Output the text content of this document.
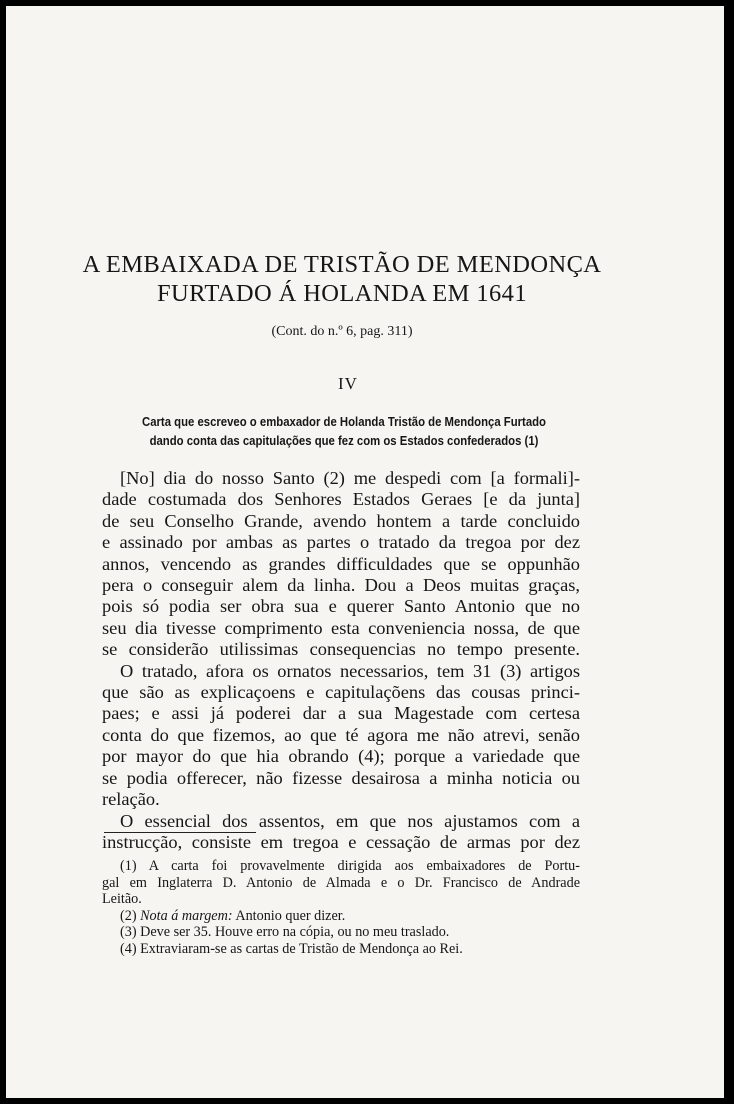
A EMBAIXADA DE TRISTÃO DE MENDONÇA
FURTADO Á HOLANDA EM 1641
(Cont. do n.º 6, pag. 311)
IV
Carta que escreveo o embaxador de Holanda Tristão de Mendonça Furtado
dando conta das capitulações que fez com os Estados confederados (1)
[No] dia do nosso Santo (2) me despedi com [a formali]-
dade costumada dos Senhores Estados Geraes [e da junta]
de seu Conselho Grande, avendo hontem a tarde concluido
e assinado por ambas as partes o tratado da tregoa por dez
annos, vencendo as grandes difficuldades que se oppunhão
pera o conseguir alem da linha. Dou a Deos muitas graças,
pois só podia ser obra sua e querer Santo Antonio que no
seu dia tivesse comprimento esta conveniencia nossa, de que
se considerão utilissimas consequencias no tempo presente.
O tratado, afora os ornatos necessarios, tem 31 (3) artigos
que são as explicaçoens e capitulaçõens das cousas princi-
paes; e assi já poderei dar a sua Magestade com certesa
conta do que fizemos, ao que té agora me não atrevi, senão
por mayor do que hia obrando (4); porque a variedade que
se podia offerecer, não fizesse desairosa a minha noticia ou
relação.
O essencial dos assentos, em que nos ajustamos com a
instrucção, consiste em tregoa e cessação de armas por dez
(1) A carta foi provavelmente dirigida aos embaixadores de Portu-
gal em Inglaterra D. Antonio de Almada e o Dr. Francisco de Andrade
Leitão.
(2) Nota á margem: Antonio quer dizer.
(3) Deve ser 35. Houve erro na cópia, ou no meu traslado.
(4) Extraviaram-se as cartas de Tristão de Mendonça ao Rei.
